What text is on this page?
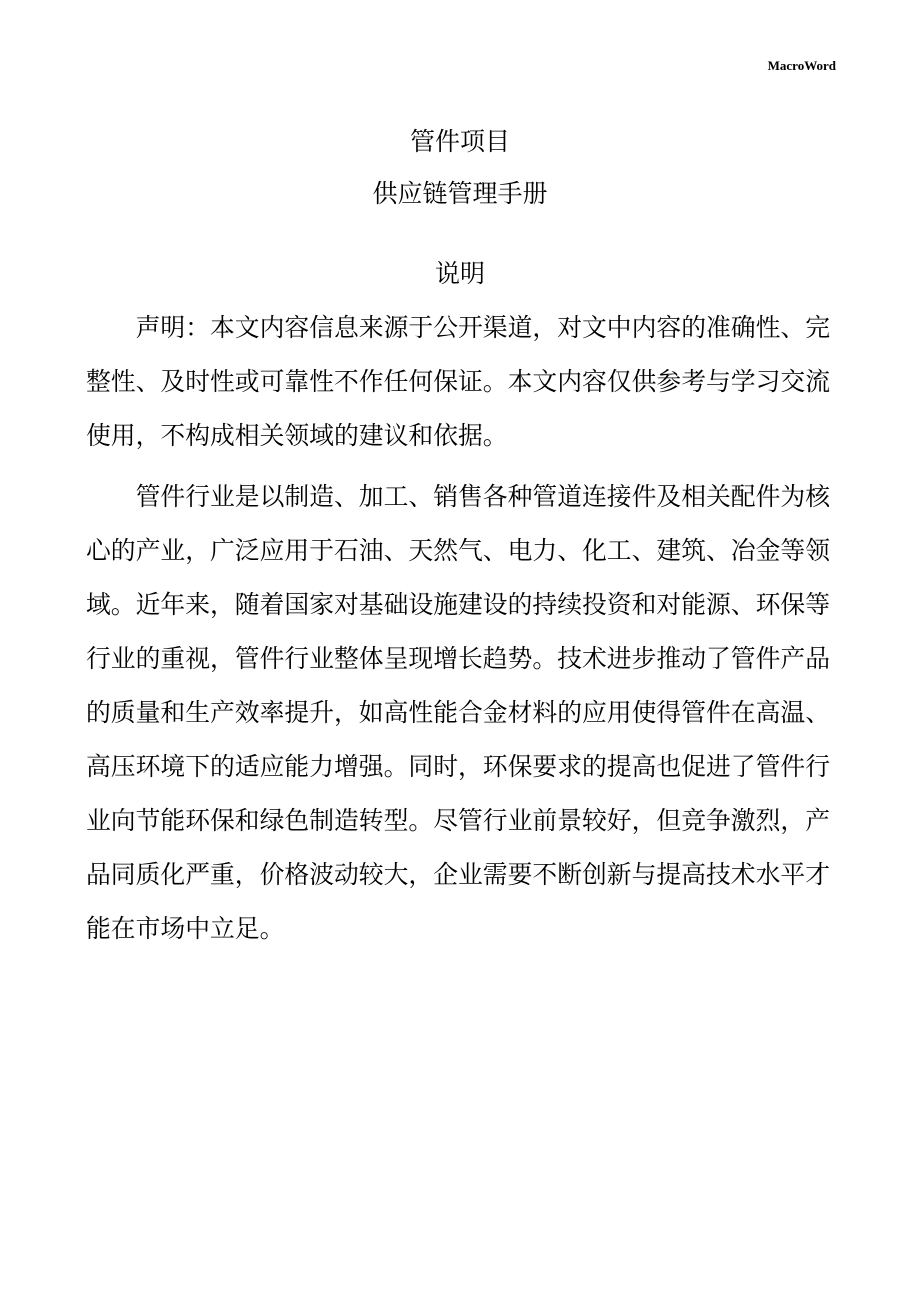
MacroWord
管件项目
供应链管理手册
说明

声明：本文内容信息来源于公开渠道，对文中内容的准确性、完整性、及时性或可靠性不作任何保证。本文内容仅供参考与学习交流使用，不构成相关领域的建议和依据。

管件行业是以制造、加工、销售各种管道连接件及相关配件为核心的产业，广泛应用于石油、天然气、电力、化工、建筑、冶金等领域。近年来，随着国家对基础设施建设的持续投资和对能源、环保等行业的重视，管件行业整体呈现增长趋势。技术进步推动了管件产品的质量和生产效率提升，如高性能合金材料的应用使得管件在高温、高压环境下的适应能力增强。同时，环保要求的提高也促进了管件行业向节能环保和绿色制造转型。尽管行业前景较好，但竞争激烈，产品同质化严重，价格波动较大，企业需要不断创新与提高技术水平才能在市场中立足。
